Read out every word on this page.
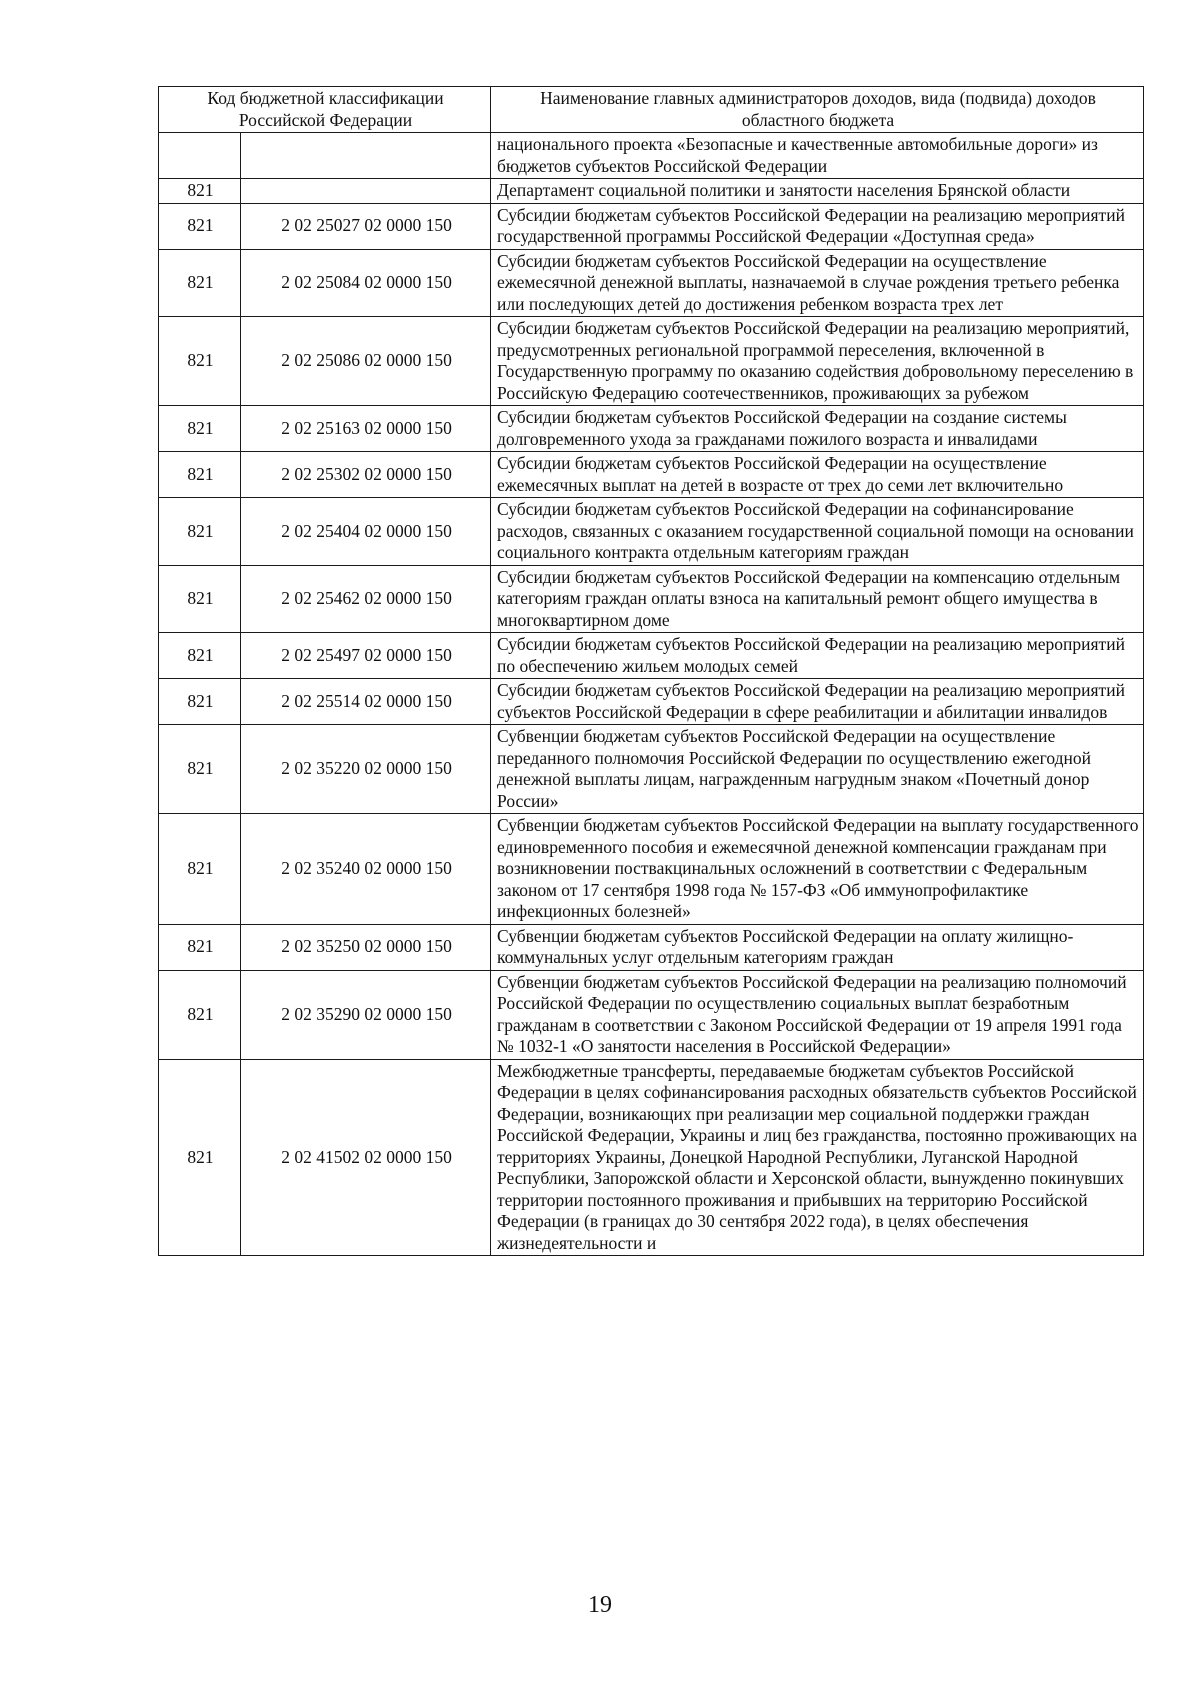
Код бюджетной классификации Российской Федерации		Наименование главных администраторов доходов, вида (подвида) доходов областного бюджета
		национального проекта «Безопасные и качественные автомобильные дороги» из бюджетов субъектов Российской Федерации
821		Департамент социальной политики и занятости населения Брянской области
821	2 02 25027 02 0000 150	Субсидии бюджетам субъектов Российской Федерации на реализацию мероприятий государственной программы Российской Федерации «Доступная среда»
821	2 02 25084 02 0000 150	Субсидии бюджетам субъектов Российской Федерации на осуществление ежемесячной денежной выплаты, назначаемой в случае рождения третьего ребенка или последующих детей до достижения ребенком возраста трех лет
821	2 02 25086 02 0000 150	Субсидии бюджетам субъектов Российской Федерации на реализацию мероприятий, предусмотренных региональной программой переселения, включенной в Государственную программу по оказанию содействия добровольному переселению в Российскую Федерацию соотечественников, проживающих за рубежом
821	2 02 25163 02 0000 150	Субсидии бюджетам субъектов Российской Федерации на создание системы долговременного ухода за гражданами пожилого возраста и инвалидами
821	2 02 25302 02 0000 150	Субсидии бюджетам субъектов Российской Федерации на осуществление ежемесячных выплат на детей в возрасте от трех до семи лет включительно
821	2 02 25404 02 0000 150	Субсидии бюджетам субъектов Российской Федерации на софинансирование расходов, связанных с оказанием государственной социальной помощи на основании социального контракта отдельным категориям граждан
821	2 02 25462 02 0000 150	Субсидии бюджетам субъектов Российской Федерации на компенсацию отдельным категориям граждан оплаты взноса на капитальный ремонт общего имущества в многоквартирном доме
821	2 02 25497 02 0000 150	Субсидии бюджетам субъектов Российской Федерации на реализацию мероприятий по обеспечению жильем молодых семей
821	2 02 25514 02 0000 150	Субсидии бюджетам субъектов Российской Федерации на реализацию мероприятий субъектов Российской Федерации в сфере реабилитации и абилитации инвалидов
821	2 02 35220 02 0000 150	Субвенции бюджетам субъектов Российской Федерации на осуществление переданного полномочия Российской Федерации по осуществлению ежегодной денежной выплаты лицам, награжденным нагрудным знаком «Почетный донор России»
821	2 02 35240 02 0000 150	Субвенции бюджетам субъектов Российской Федерации на выплату государственного единовременного пособия и ежемесячной денежной компенсации гражданам при возникновении поствакцинальных осложнений в соответствии с Федеральным законом от 17 сентября 1998 года № 157-ФЗ «Об иммунопрофилактике инфекционных болезней»
821	2 02 35250 02 0000 150	Субвенции бюджетам субъектов Российской Федерации на оплату жилищно-коммунальных услуг отдельным категориям граждан
821	2 02 35290 02 0000 150	Субвенции бюджетам субъектов Российской Федерации на реализацию полномочий Российской Федерации по осуществлению социальных выплат безработным гражданам в соответствии с Законом Российской Федерации от 19 апреля 1991 года № 1032-1 «О занятости населения в Российской Федерации»
821	2 02 41502 02 0000 150	Межбюджетные трансферты, передаваемые бюджетам субъектов Российской Федерации в целях софинансирования расходных обязательств субъектов Российской Федерации, возникающих при реализации мер социальной поддержки граждан Российской Федерации, Украины и лиц без гражданства, постоянно проживающих на территориях Украины, Донецкой Народной Республики, Луганской Народной Республики, Запорожской области и Херсонской области, вынужденно покинувших территории постоянного проживания и прибывших на территорию Российской Федерации (в границах до 30 сентября 2022 года), в целях обеспечения жизнедеятельности и
19
